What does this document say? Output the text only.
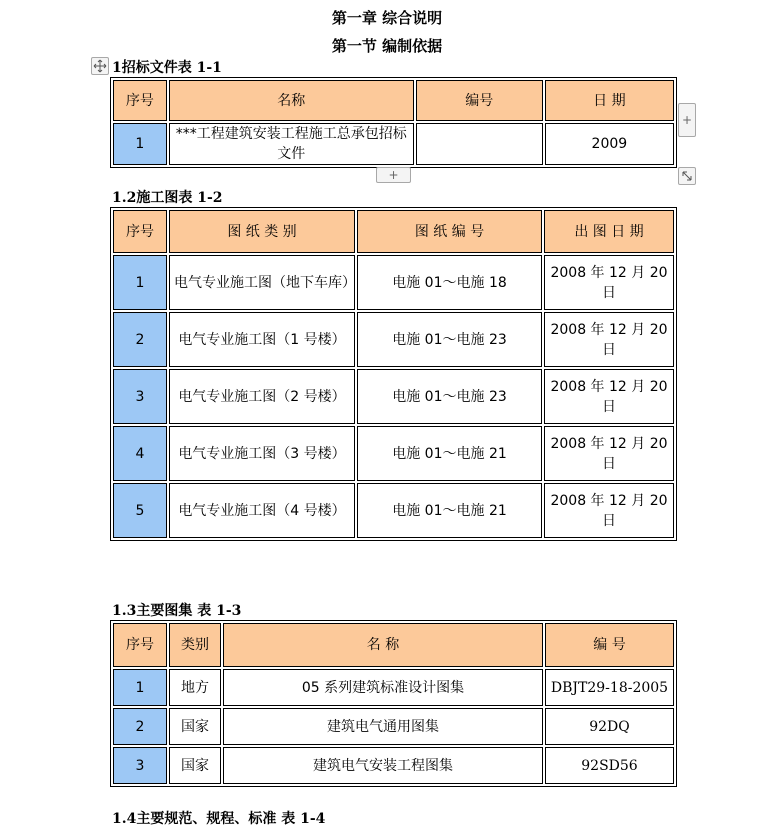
第一章 综合说明
第一节 编制依据
1招标文件表 1-1
序号	名称	编号	日 期
1	***工程建筑安装工程施工总承包招标文件		2009
+
+
1.2施工图表 1-2
序号	图 纸 类 别	图 纸 编 号	出 图 日 期
1	电气专业施工图（地下车库）	电施 01～电施 18	2008 年 12 月 20 日
2	电气专业施工图（1 号楼）	电施 01～电施 23	2008 年 12 月 20 日
3	电气专业施工图（2 号楼）	电施 01～电施 23	2008 年 12 月 20 日
4	电气专业施工图（3 号楼）	电施 01～电施 21	2008 年 12 月 20 日
5	电气专业施工图（4 号楼）	电施 01～电施 21	2008 年 12 月 20 日
1.3主要图集 表 1-3
序号	类别	名 称	编 号
1	地方	05 系列建筑标准设计图集	DBJT29-18-2005
2	国家	建筑电气通用图集	92DQ
3	国家	建筑电气安装工程图集	92SD56
1.4主要规范、规程、标准 表 1-4
